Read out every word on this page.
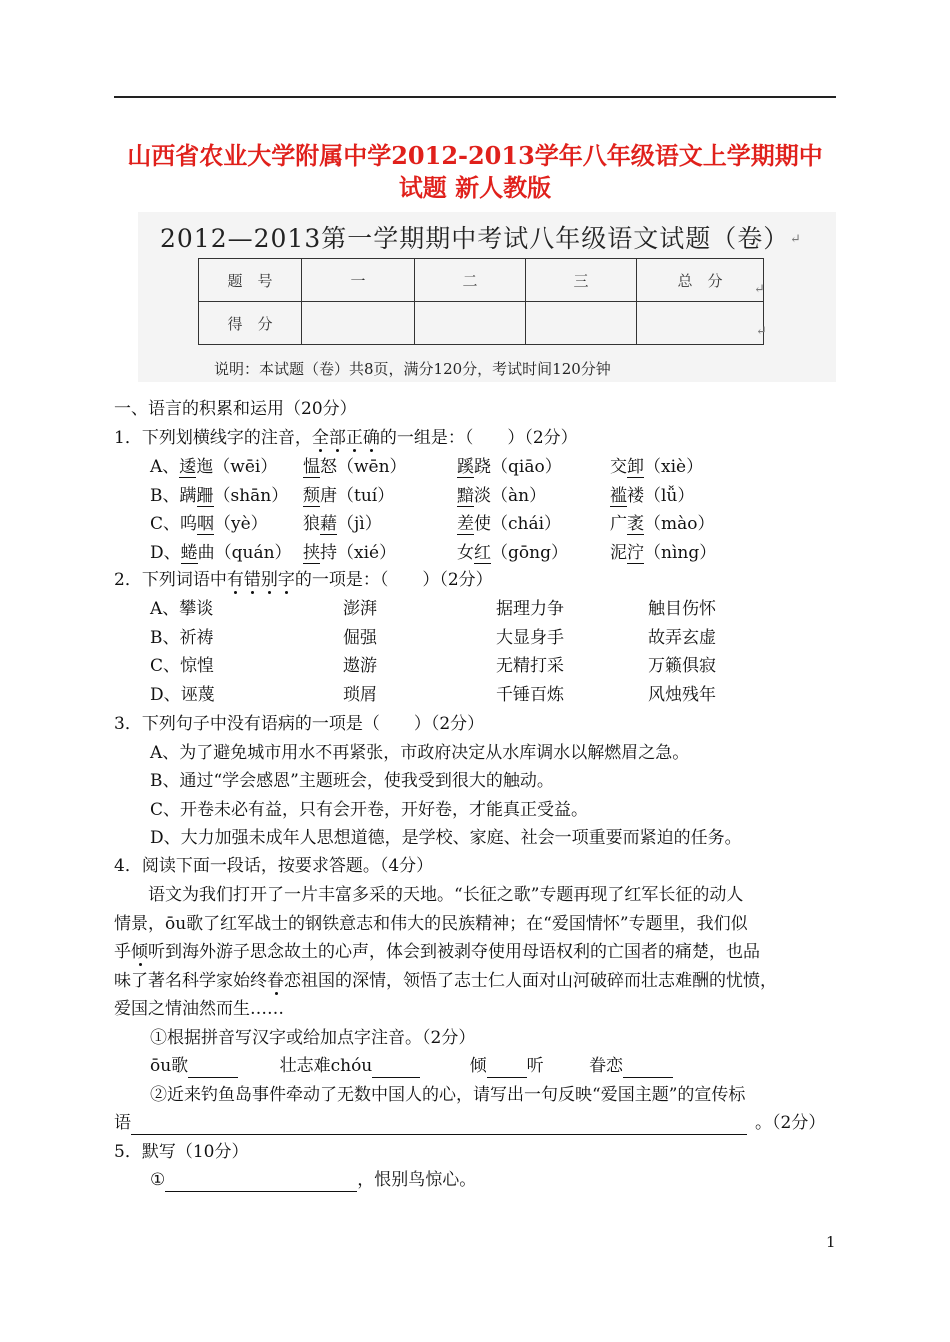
山西省农业大学附属中学2012-2013学年八年级语文上学期期中
试题 新人教版
2012—2013第一学期期中考试八年级语文试题（卷）
题　号	一	二	三	总　分
得　分				
↵
↵
↵
说明：本试题（卷）共8页，满分120分，考试时间120分钟
一、语言的积累和运用（20分）
1．下列划横线字的注音，全部正确的一组是：（　　）（2分）
A、逶迤（wēi） 愠怒（wēn）	蹊跷（qiāo）	交卸（xiè）
B、蹒跚（shān） 颓唐（tuí）	黯淡（àn）	褴褛（lǚ）
C、呜咽（yè） 狼藉（jì）	差使（chái）	广袤（mào）
D、蜷曲（quán） 挟持（xié）	女红（gōng） 泥泞（nìng）
2．下列词语中有错别字的一项是：（　　）（2分）
A、攀谈	澎湃	据理力争	触目伤怀
B、祈祷	倔强	大显身手	故弄玄虚
C、惊惶	遨游	无精打采	万籁俱寂
D、诬蔑	琐屑	千锤百炼	风烛残年
3．下列句子中没有语病的一项是（　　）（2分）
A、为了避免城市用水不再紧张，市政府决定从水库调水以解燃眉之急。
B、通过“学会感恩”主题班会，使我受到很大的触动。
C、开卷未必有益，只有会开卷，开好卷，才能真正受益。
D、大力加强未成年人思想道德，是学校、家庭、社会一项重要而紧迫的任务。
4．阅读下面一段话，按要求答题。（4分）
　　语文为我们打开了一片丰富多采的天地。“长征之歌”专题再现了红军长征的动人
情景，ōu歌了红军战士的钢铁意志和伟大的民族精神；在“爱国情怀”专题里，我们似
乎倾听到海外游子思念故土的心声，体会到被剥夺使用母语权利的亡国者的痛楚，也品
味了著名科学家始终眷恋祖国的深情，领悟了志士仁人面对山河破碎而壮志难酬的忧愤，
爱国之情油然而生……
①根据拼音写汉字或给加点字注音。（2分）
ōu歌	壮志难chóu	倾 听	眷恋
②近来钓鱼岛事件牵动了无数中国人的心，请写出一句反映“爱国主题”的宣传标
语	。（2分）
5．默写（10分）
①	，恨别鸟惊心。
1
